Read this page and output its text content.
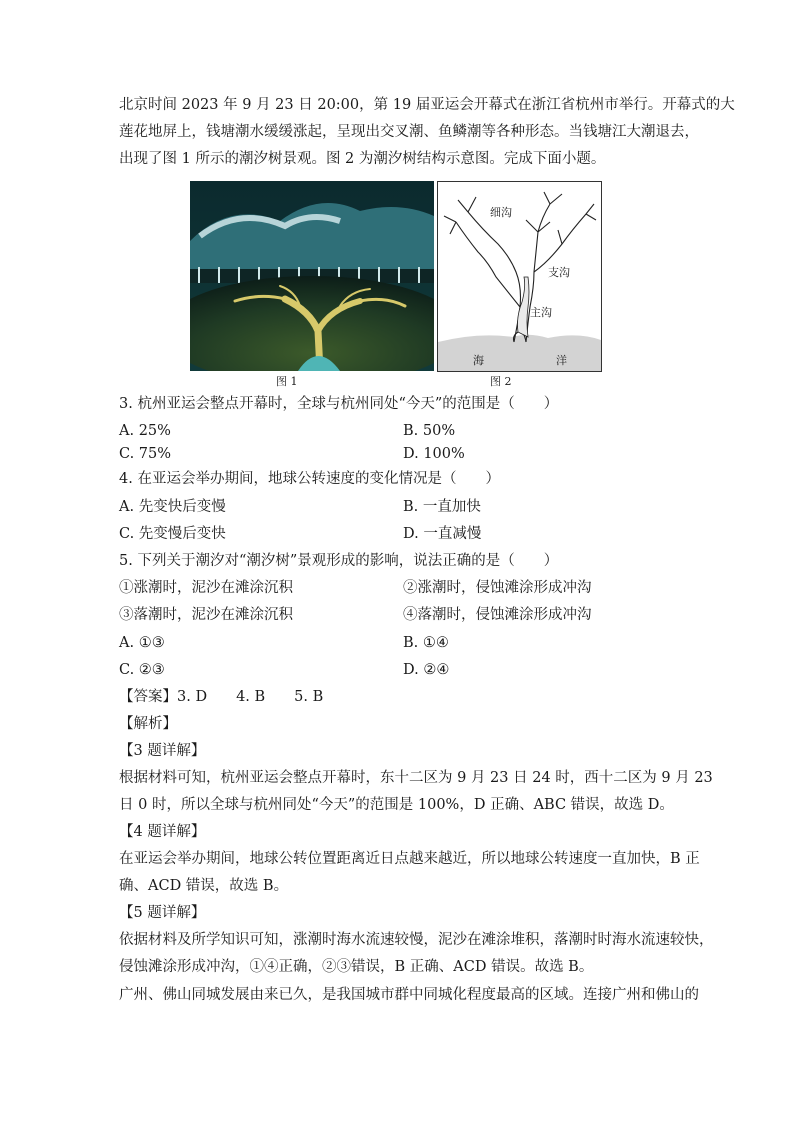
北京时间 2023 年 9 月 23 日 20:00，第 19 届亚运会开幕式在浙江省杭州市举行。开幕式的大
莲花地屏上，钱塘潮水缓缓涨起，呈现出交叉潮、鱼鳞潮等各种形态。当钱塘江大潮退去，
出现了图 1 所示的潮汐树景观。图 2 为潮汐树结构示意图。完成下面小题。
细沟
支沟
主沟
海	洋
图 1	图 2
3. 杭州亚运会整点开幕时，全球与杭州同处“今天”的范围是（　　）
A. 25%	B. 50%
C. 75%	D. 100%
4. 在亚运会举办期间，地球公转速度的变化情况是（　　）
A. 先变快后变慢	B. 一直加快
C. 先变慢后变快	D. 一直减慢
5. 下列关于潮汐对“潮汐树”景观形成的影响，说法正确的是（　　）
①涨潮时，泥沙在滩涂沉积	②涨潮时，侵蚀滩涂形成冲沟
③落潮时，泥沙在滩涂沉积	④落潮时，侵蚀滩涂形成冲沟
A. ①③	B. ①④
C. ②③	D. ②④
【答案】3. D　　4. B　　5. B
【解析】
【3 题详解】
根据材料可知，杭州亚运会整点开幕时，东十二区为 9 月 23 日 24 时，西十二区为 9 月 23
日 0 时，所以全球与杭州同处“今天”的范围是 100%，D 正确、ABC 错误，故选 D。
【4 题详解】
在亚运会举办期间，地球公转位置距离近日点越来越近，所以地球公转速度一直加快，B 正
确、ACD 错误，故选 B。
【5 题详解】
依据材料及所学知识可知，涨潮时海水流速较慢，泥沙在滩涂堆积，落潮时时海水流速较快，
侵蚀滩涂形成冲沟，①④正确，②③错误，B 正确、ACD 错误。故选 B。
广州、佛山同城发展由来已久，是我国城市群中同城化程度最高的区域。连接广州和佛山的
